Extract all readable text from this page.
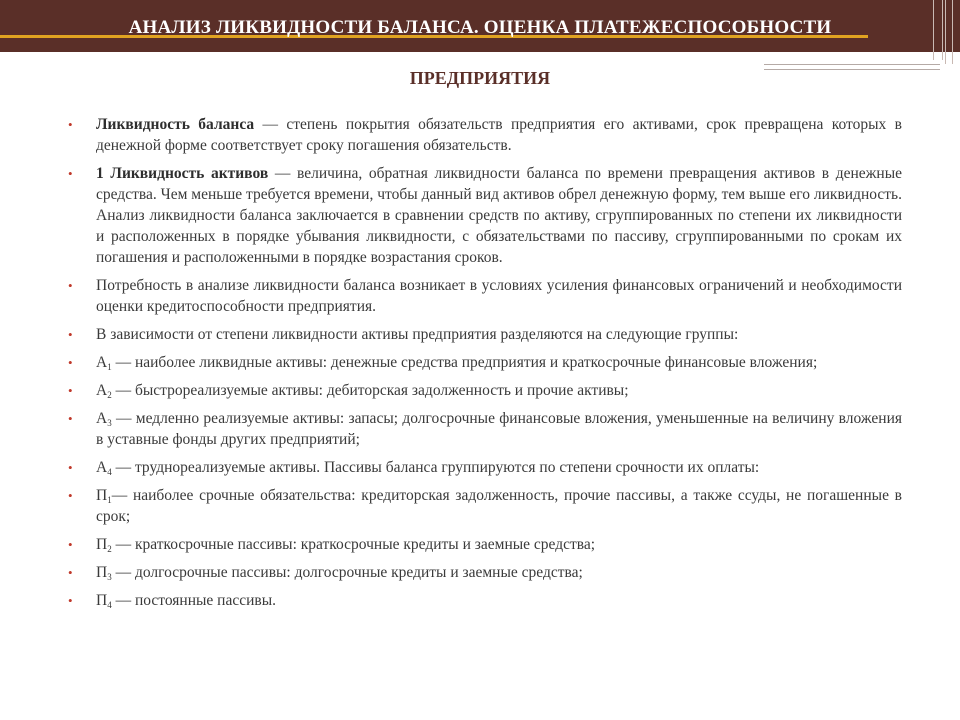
АНАЛИЗ ЛИКВИДНОСТИ БАЛАНСА. ОЦЕНКА ПЛАТЕЖЕСПОСОБНОСТИ
ПРЕДПРИЯТИЯ
• Ликвидность баланса — степень покрытия обязательств предприятия его активами, срок превращена которых в денежной форме соответствует сроку погашения обязательств.
• 1 Ликвидность активов — величина, обратная ликвидности баланса по времени превращения активов в денежные средства. Чем меньше требуется времени, чтобы данный вид активов обрел денежную форму, тем выше его ликвидность. Анализ ликвидности баланса заключается в сравнении средств по активу, сгруппированных по степени их ликвидности и расположенных в порядке убывания ликвидности, с обязательствами по пассиву, сгруппированными по срокам их погашения и расположенными в порядке возрастания сроков.
• Потребность в анализе ликвидности баланса возникает в условиях усиления финансовых ограничений и необходимости оценки кредитоспособности предприятия.
• В зависимости от степени ликвидности активы предприятия разделяются на следующие группы:
• $А_1$ — наиболее ликвидные активы: денежные средства предприятия и краткосрочные финансовые вложения;
• $А_2$ — быстрореализуемые активы: дебиторская задолженность и прочие активы;
• $А_3$ — медленно реализуемые активы: запасы; долгосрочные финансовые вложения, уменьшенные на величину вложения в уставные фонды других предприятий;
• $А_4$ — труднореализуемые активы. Пассивы баланса группируются по степени срочности их оплаты:
• $П_1—$ наиболее срочные обязательства: кредиторская задолженность, прочие пассивы, а также ссуды, не погашенные в срок;
• $П_2$ — краткосрочные пассивы: краткосрочные кредиты и заемные средства;
• $П_3$ — долгосрочные пассивы: долгосрочные кредиты и заемные средства;
• $П_4$ — постоянные пассивы.
